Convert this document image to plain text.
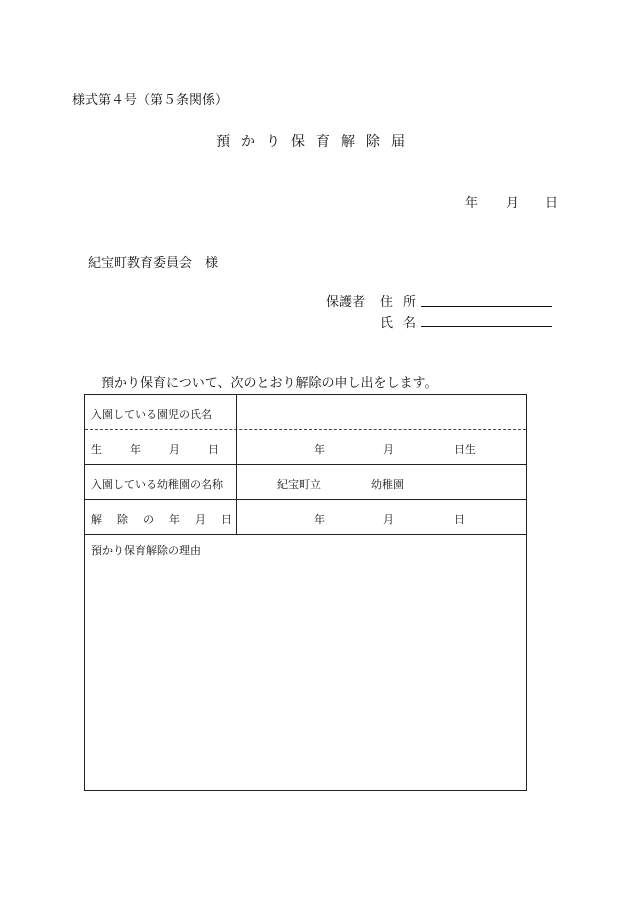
様式第４号（第５条関係）
預かり保育解除届
年 月 日
紀宝町教育委員会　様
保護者 住所
氏名
預かり保育について、次のとおり解除の申し出をします。
入園している園児の氏名
生年月日	年	月	日生
入園している幼稚園の名称	紀宝町立	幼稚園
解除の年月日	年	月	日
預かり保育解除の理由
